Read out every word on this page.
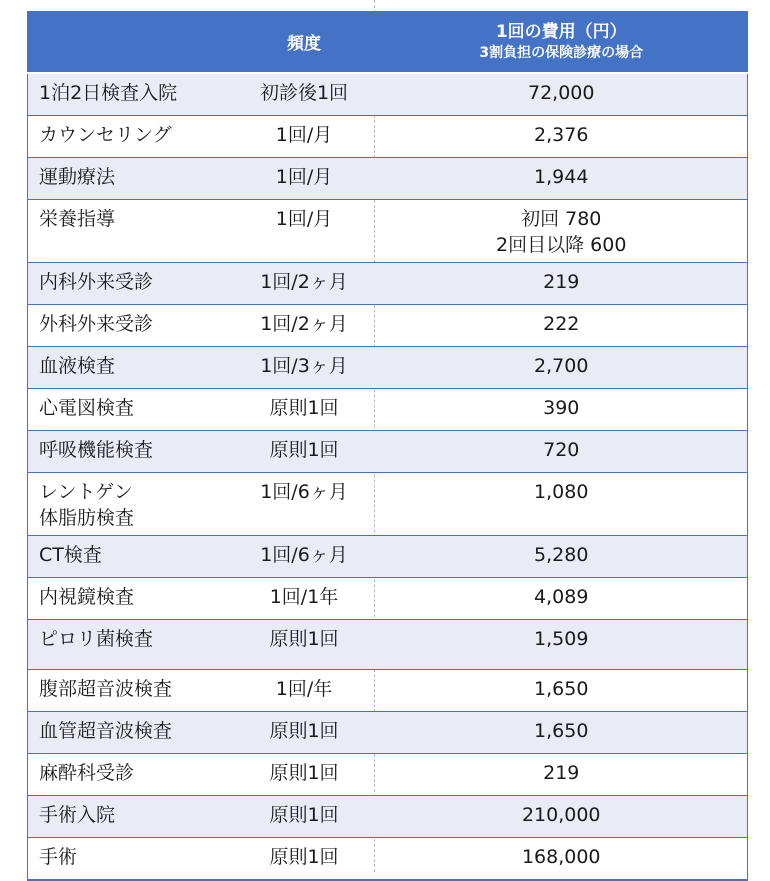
	頻度	1回の費用（円）
3割負担の保険診療の場合

1泊2日検査入院	初診後1回	72,000
カウンセリング	1回/月	2,376
運動療法	1回/月	1,944
栄養指導	1回/月	初回 780
2回目以降 600

内科外来受診	1回/2ヶ月	219
外科外来受診	1回/2ヶ月	222
血液検査	1回/3ヶ月	2,700
心電図検査	原則1回	390
呼吸機能検査	原則1回	720

レントゲン
体脂肪検査	1回/6ヶ月	1,080
CT検査	1回/6ヶ月	5,280
内視鏡検査	1回/1年	4,089
ピロリ菌検査	原則1回	1,509
腹部超音波検査	1回/年	1,650
血管超音波検査	原則1回	1,650
麻酔科受診	原則1回	219
手術入院	原則1回	210,000
手術	原則1回	168,000
